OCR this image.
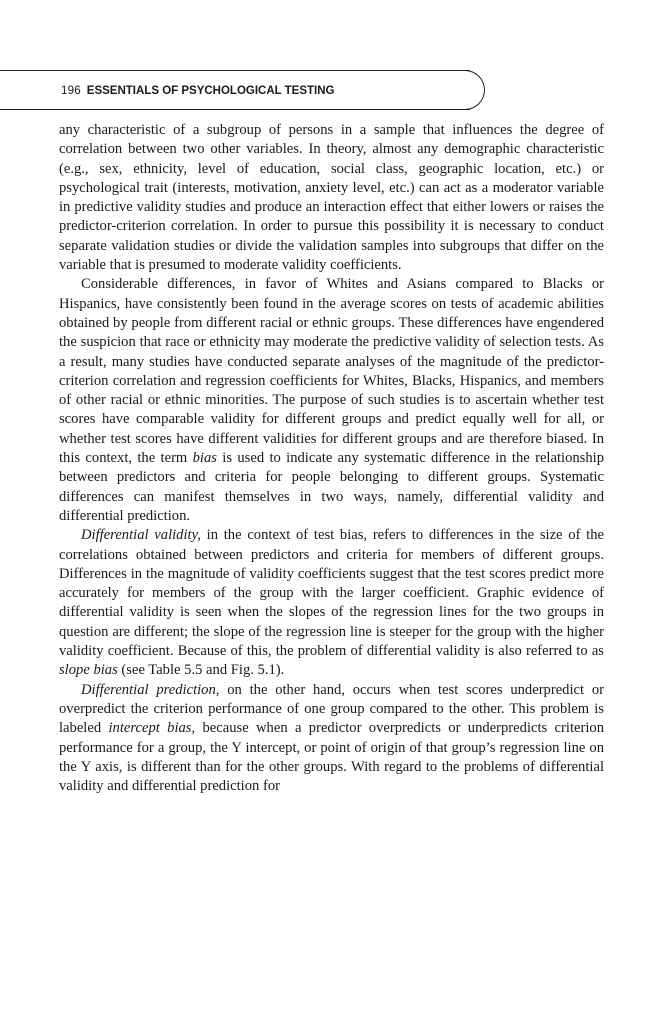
196 ESSENTIALS OF PSYCHOLOGICAL TESTING

any characteristic of a subgroup of persons in a sample that influences the degree of correlation between two other variables. In theory, almost any demographic characteristic (e.g., sex, ethnicity, level of education, social class, geographic location, etc.) or psychological trait (interests, motivation, anxiety level, etc.) can act as a moderator variable in predictive validity studies and produce an interaction effect that either lowers or raises the predictor-criterion correlation. In order to pursue this possibility it is necessary to conduct separate validation studies or divide the validation samples into subgroups that differ on the variable that is presumed to moderate validity coefficients.

Considerable differences, in favor of Whites and Asians compared to Blacks or Hispanics, have consistently been found in the average scores on tests of academic abilities obtained by people from different racial or ethnic groups. These differences have engendered the suspicion that race or ethnicity may moderate the predictive validity of selection tests. As a result, many studies have conducted separate analyses of the magnitude of the predictor-criterion correlation and regression coefficients for Whites, Blacks, Hispanics, and members of other racial or ethnic minorities. The purpose of such studies is to ascertain whether test scores have comparable validity for different groups and predict equally well for all, or whether test scores have different validities for different groups and are therefore biased. In this context, the term bias is used to indicate any systematic difference in the relationship between predictors and criteria for people belonging to different groups. Systematic differences can manifest themselves in two ways, namely, differential validity and differential prediction.

Differential validity, in the context of test bias, refers to differences in the size of the correlations obtained between predictors and criteria for members of different groups. Differences in the magnitude of validity coefficients suggest that the test scores predict more accurately for members of the group with the larger coefficient. Graphic evidence of differential validity is seen when the slopes of the regression lines for the two groups in question are different; the slope of the regression line is steeper for the group with the higher validity coefficient. Because of this, the problem of differential validity is also referred to as slope bias (see Table 5.5 and Fig. 5.1).

Differential prediction, on the other hand, occurs when test scores underpredict or overpredict the criterion performance of one group compared to the other. This problem is labeled intercept bias, because when a predictor overpredicts or underpredicts criterion performance for a group, the Y intercept, or point of origin of that group’s regression line on the Y axis, is different than for the other groups. With regard to the problems of differential validity and differential prediction for
